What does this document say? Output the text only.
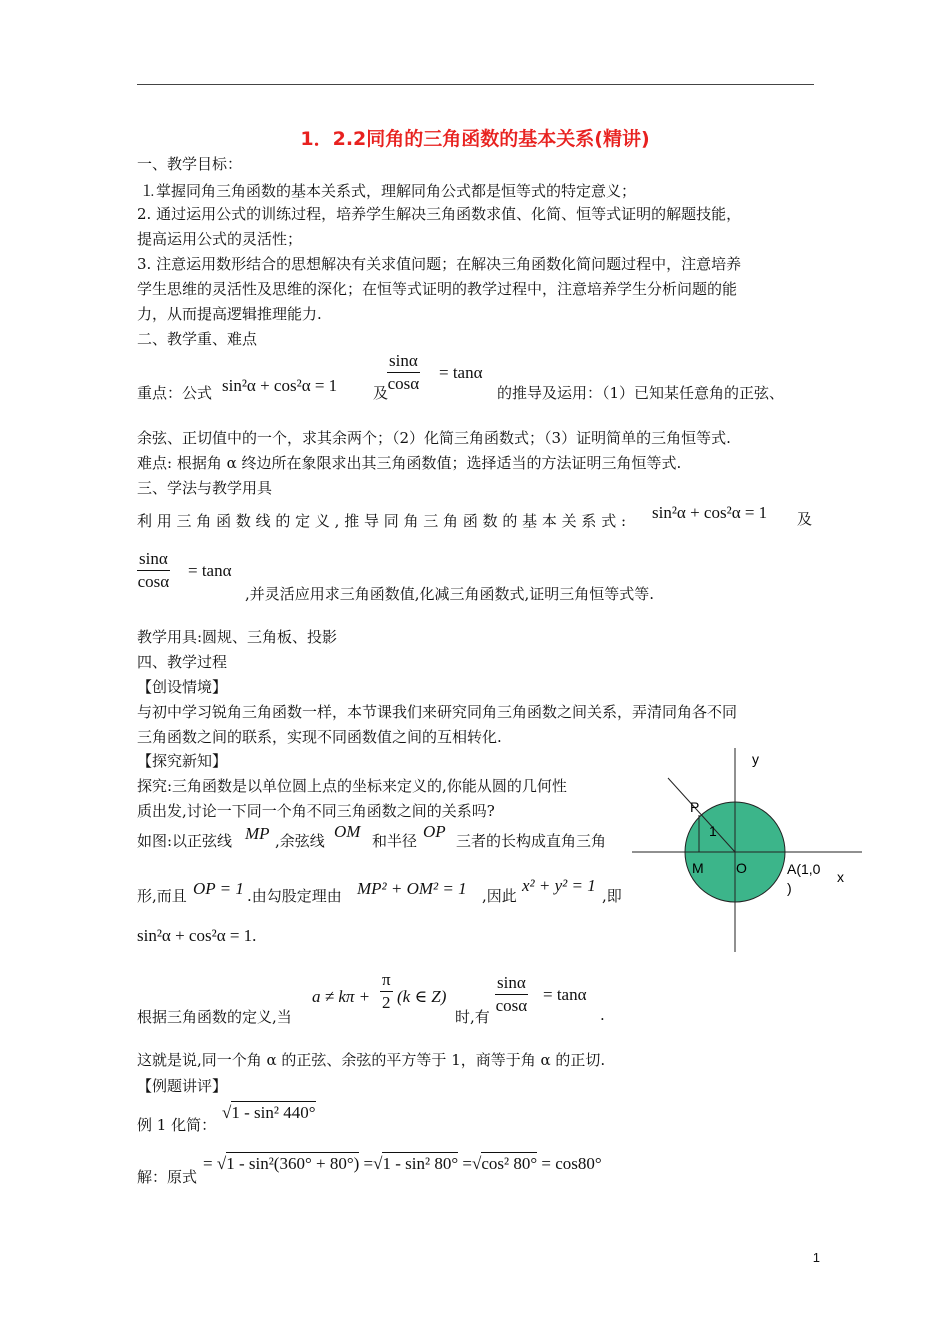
1．2.2同角的三角函数的基本关系(精讲)
一、教学目标：
⒈掌握同角三角函数的基本关系式，理解同角公式都是恒等式的特定意义；
2. 通过运用公式的训练过程，培养学生解决三角函数求值、化简、恒等式证明的解题技能，
提高运用公式的灵活性；
3. 注意运用数形结合的思想解决有关求值问题；在解决三角函数化简问题过程中，注意培养
学生思维的灵活性及思维的深化；在恒等式证明的教学过程中，注意培养学生分析问题的能
力，从而提高逻辑推理能力.
二、教学重、难点
重点：公式 sin²α + cos²α = 1 及
$\frac{\sin\alpha}{\cos\alpha} = \tan\alpha$
的推导及运用：（1）已知某任意角的正弦、
余弦、正切值中的一个，求其余两个；（2）化简三角函数式；（3）证明简单的三角恒等式.
难点: 根据角 α 终边所在象限求出其三角函数值；选择适当的方法证明三角恒等式.
三、学法与教学用具
利 用 三 角 函 数 线 的 定 义 , 推 导 同 角 三 角 函 数 的 基 本 关 系 式 : sin²α + cos²α = 1 及
$\frac{\sin\alpha}{\cos\alpha} = \tan\alpha$
,并灵活应用求三角函数值,化减三角函数式,证明三角恒等式等.
教学用具:圆规、三角板、投影
四、教学过程
【创设情境】
与初中学习锐角三角函数一样，本节课我们来研究同角三角函数之间关系，弄清同角各不同
三角函数之间的联系，实现不同函数值之间的互相转化.
【探究新知】
探究:三角函数是以单位圆上点的坐标来定义的,你能从圆的几何性
质出发,讨论一下同一个角不同三角函数之间的关系吗?
如图:以正弦线 MP ,余弦线 OM 和半径 OP 三者的长构成直角三角
形,而且 OP = 1 .由勾股定理由 MP² + OM² = 1 ,因此
x² + y² = 1
,即
sin²α + cos²α = 1.
根据三角函数的定义,当
$a \ne k\pi + \frac{\pi}{2} (k$ ∈ Z)
时,有
$\frac{\sin\alpha}{\cos\alpha} = \tan\alpha$
.
这就是说,同一个角 α 的正弦、余弦的平方等于 1，商等于角 α 的正切.
【例题讲评】
例 1 化简：
√1 - sin² 440°
解：原式
= √1 - sin²(360° + 80°) =√1 - sin² 80° =√cos² 80° = cos80°
y
x
P
1
M O	A(1,0
)
1
